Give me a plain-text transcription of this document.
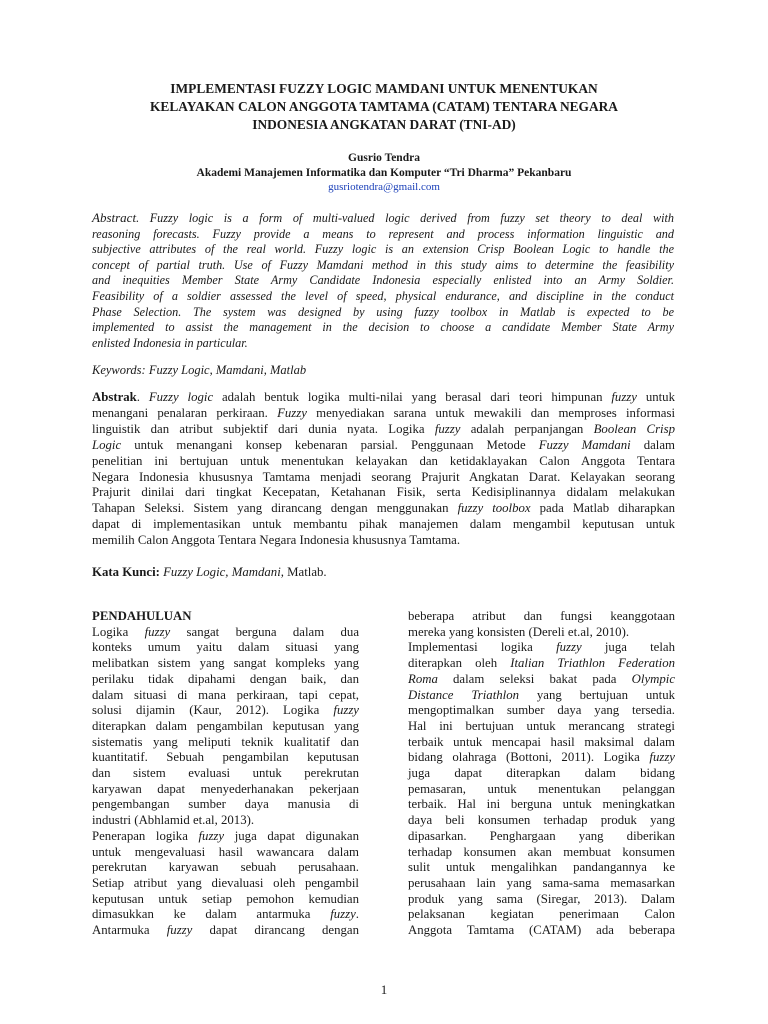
IMPLEMENTASI FUZZY LOGIC MAMDANI UNTUK MENENTUKAN
KELAYAKAN CALON ANGGOTA TAMTAMA (CATAM) TENTARA NEGARA
INDONESIA ANGKATAN DARAT (TNI-AD)
Gusrio Tendra
Akademi Manajemen Informatika dan Komputer “Tri Dharma” Pekanbaru
gusriotendra@gmail.com
Abstract. Fuzzy logic is a form of multi-valued logic derived from fuzzy set theory to deal with
reasoning forecasts. Fuzzy provide a means to represent and process information linguistic and
subjective attributes of the real world. Fuzzy logic is an extension Crisp Boolean Logic to handle the
concept of partial truth. Use of Fuzzy Mamdani method in this study aims to determine the feasibility
and inequities Member State Army Candidate Indonesia especially enlisted into an Army Soldier.
Feasibility of a soldier assessed the level of speed, physical endurance, and discipline in the conduct
Phase Selection. The system was designed by using fuzzy toolbox in Matlab is expected to be
implemented to assist the management in the decision to choose a candidate Member State Army
enlisted Indonesia in particular.
Keywords: Fuzzy Logic, Mamdani, Matlab
Abstrak. Fuzzy logic adalah bentuk logika multi-nilai yang berasal dari teori himpunan fuzzy untuk
menangani penalaran perkiraan. Fuzzy menyediakan sarana untuk mewakili dan memproses informasi
linguistik dan atribut subjektif dari dunia nyata. Logika fuzzy adalah perpanjangan Boolean Crisp
Logic untuk menangani konsep kebenaran parsial. Penggunaan Metode Fuzzy Mamdani dalam
penelitian ini bertujuan untuk menentukan kelayakan dan ketidaklayakan Calon Anggota Tentara
Negara Indonesia khususnya Tamtama menjadi seorang Prajurit Angkatan Darat. Kelayakan seorang
Prajurit dinilai dari tingkat Kecepatan, Ketahanan Fisik, serta Kedisiplinannya didalam melakukan
Tahapan Seleksi. Sistem yang dirancang dengan menggunakan fuzzy toolbox pada Matlab diharapkan
dapat di implementasikan untuk membantu pihak manajemen dalam mengambil keputusan untuk
memilih Calon Anggota Tentara Negara Indonesia khususnya Tamtama.
Kata Kunci: Fuzzy Logic, Mamdani, Matlab.
PENDAHULUAN
Logika fuzzy sangat berguna dalam dua
konteks umum yaitu dalam situasi yang
melibatkan sistem yang sangat kompleks yang
perilaku tidak dipahami dengan baik, dan
dalam situasi di mana perkiraan, tapi cepat,
solusi dijamin (Kaur, 2012). Logika fuzzy
diterapkan dalam pengambilan keputusan yang
sistematis yang meliputi teknik kualitatif dan
kuantitatif. Sebuah pengambilan keputusan
dan sistem evaluasi untuk perekrutan
karyawan dapat menyederhanakan pekerjaan
pengembangan sumber daya manusia di
industri (Abhlamid et.al, 2013).
Penerapan logika fuzzy juga dapat digunakan
untuk mengevaluasi hasil wawancara dalam
perekrutan karyawan sebuah perusahaan.
Setiap atribut yang dievaluasi oleh pengambil
keputusan untuk setiap pemohon kemudian
dimasukkan ke dalam antarmuka fuzzy.
Antarmuka fuzzy dapat dirancang dengan
beberapa atribut dan fungsi keanggotaan
mereka yang konsisten (Dereli et.al, 2010).
Implementasi logika fuzzy juga telah
diterapkan oleh Italian Triathlon Federation
Roma dalam seleksi bakat pada Olympic
Distance Triathlon yang bertujuan untuk
mengoptimalkan sumber daya yang tersedia.
Hal ini bertujuan untuk merancang strategi
terbaik untuk mencapai hasil maksimal dalam
bidang olahraga (Bottoni, 2011). Logika fuzzy
juga dapat diterapkan dalam bidang
pemasaran, untuk menentukan pelanggan
terbaik. Hal ini berguna untuk meningkatkan
daya beli konsumen terhadap produk yang
dipasarkan. Penghargaan yang diberikan
terhadap konsumen akan membuat konsumen
sulit untuk mengalihkan pandangannya ke
perusahaan lain yang sama-sama memasarkan
produk yang sama (Siregar, 2013). Dalam
pelaksanan kegiatan penerimaan Calon
Anggota Tamtama (CATAM) ada beberapa
1
